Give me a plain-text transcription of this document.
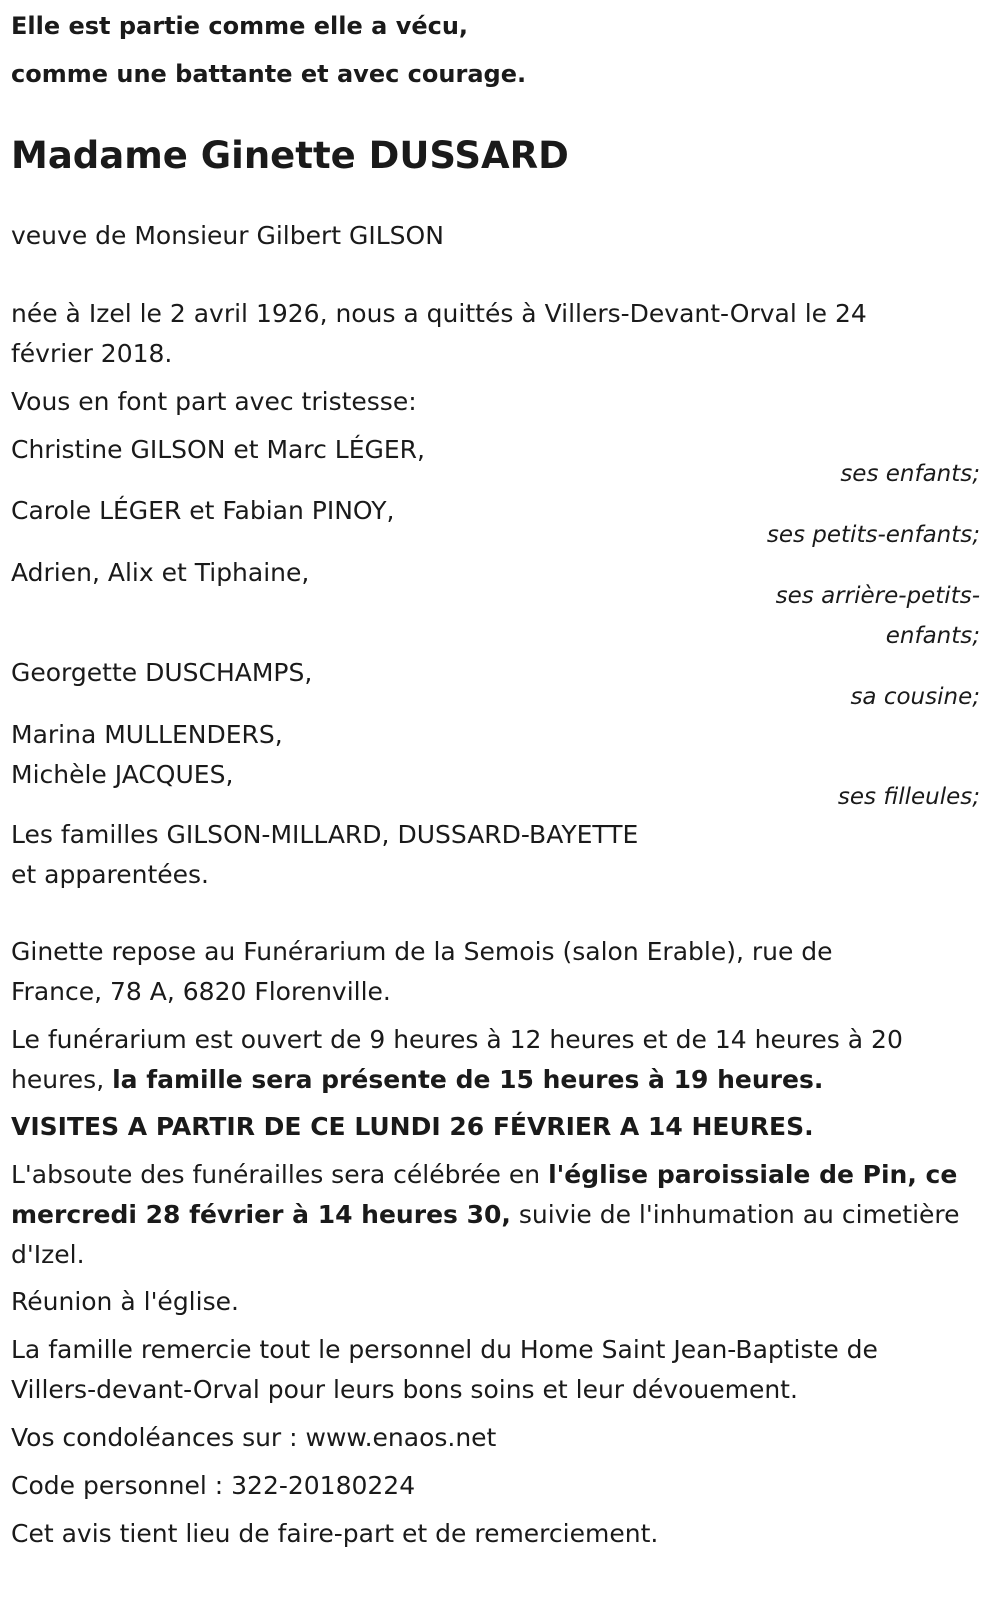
Elle est partie comme elle a vécu,
comme une battante et avec courage.

Madame Ginette DUSSARD

veuve de Monsieur Gilbert GILSON

née à Izel le 2 avril 1926, nous a quittés à Villers-Devant-Orval le 24 février 2018.

Vous en font part avec tristesse:

Christine GILSON et Marc LÉGER,

ses enfants;

Carole LÉGER et Fabian PINOY,

ses petits-enfants;

Adrien, Alix et Tiphaine,

ses arrière-petits-
enfants;

Georgette DUSCHAMPS,

sa cousine;

Marina MULLENDERS,
Michèle JACQUES,

ses filleules;

Les familles GILSON-MILLARD, DUSSARD-BAYETTE
et apparentées.

Ginette repose au Funérarium de la Semois (salon Erable), rue de France, 78 A, 6820 Florenville.

Le funérarium est ouvert de 9 heures à 12 heures et de 14 heures à 20 heures, la famille sera présente de 15 heures à 19 heures.

VISITES A PARTIR DE CE LUNDI 26 FÉVRIER A 14 HEURES.

L'absoute des funérailles sera célébrée en l'église paroissiale de Pin, ce mercredi 28 février à 14 heures 30, suivie de l'inhumation au cimetière d'Izel.

Réunion à l'église.

La famille remercie tout le personnel du Home Saint Jean-Baptiste de Villers-devant-Orval pour leurs bons soins et leur dévouement.

Vos condoléances sur : www.enaos.net

Code personnel : 322-20180224

Cet avis tient lieu de faire-part et de remerciement.
